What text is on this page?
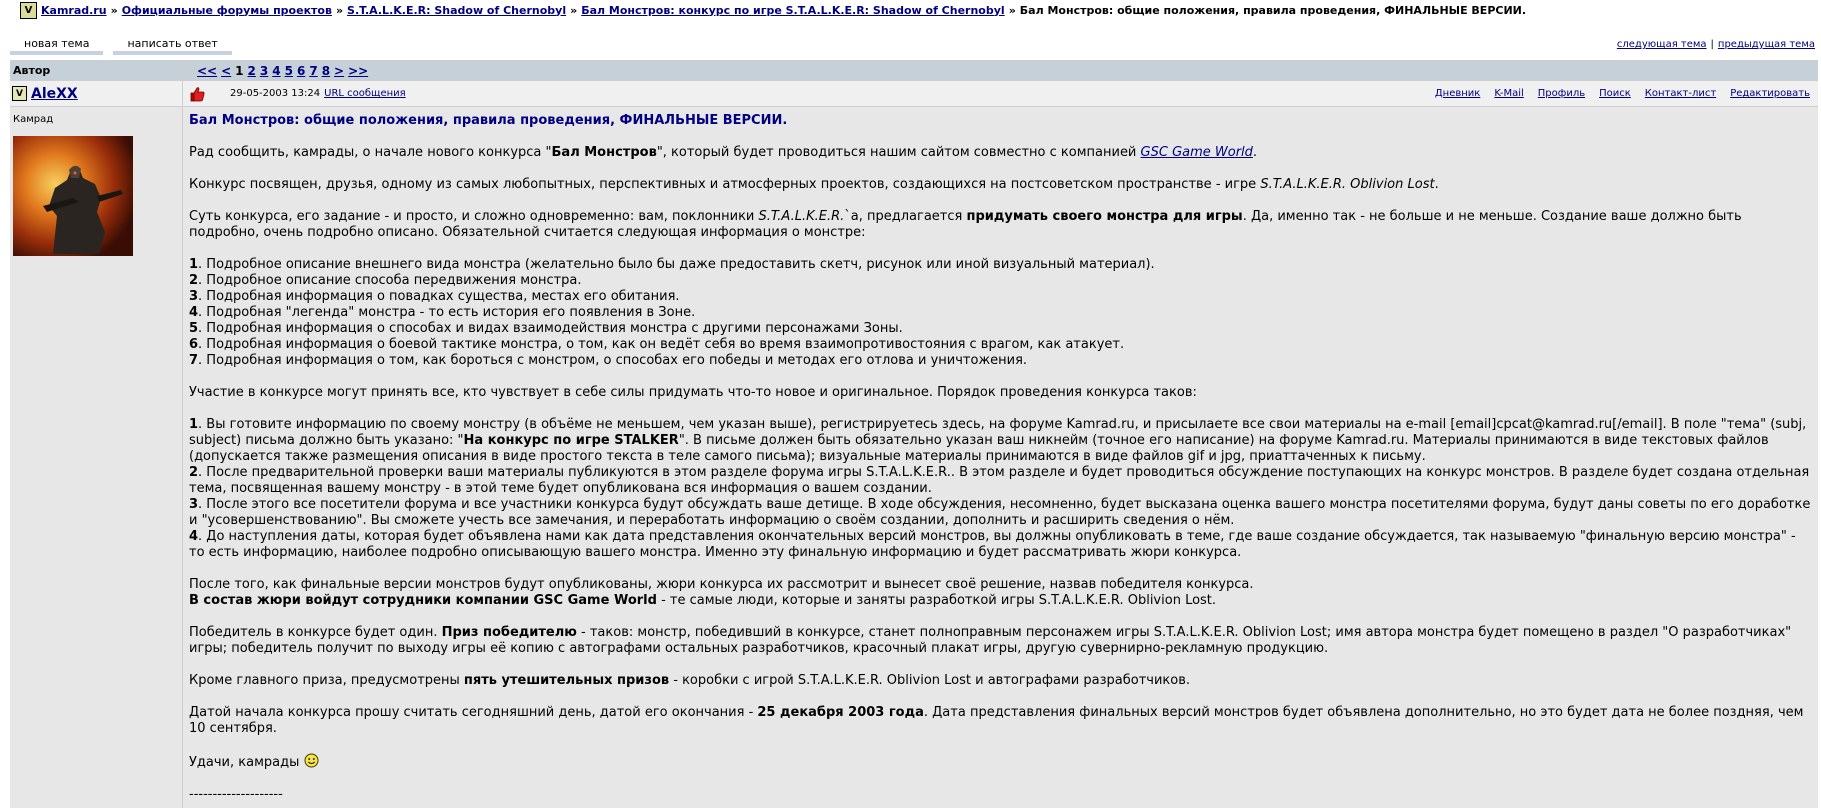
V Kamrad.ru » Официальные форумы проектов » S.T.A.L.K.E.R: Shadow of Chernobyl » Бал Монстров: конкурс по игре S.T.A.L.K.E.R: Shadow of Chernobyl » Бал Монстров: общие положения, правила проведения, ФИНАЛЬНЫЕ ВЕРСИИ.
новая тема	написать ответ	следующая тема | предыдущая тема
Автор	<< < 1 2 3 4 5 6 7 8 > >>
V AleXX	29-05-2003 13:24 URL сообщения	Дневник K-Mail Профиль Поиск Контакт-лист Редактировать
Камрад	Бал Монстров: общие положения, правила проведения, ФИНАЛЬНЫЕ ВЕРСИИ.

Рад сообщить, камрады, о начале нового конкурса "Бал Монстров", который будет проводиться нашим сайтом совместно с компанией GSC Game World.

Конкурс посвящен, друзья, одному из самых любопытных, перспективных и атмосферных проектов, создающихся на постсоветском пространстве - игре S.T.A.L.K.E.R. Oblivion Lost.

Суть конкурса, его задание - и просто, и сложно одновременно: вам, поклонники S.T.A.L.K.E.R.`а, предлагается придумать своего монстра для игры. Да, именно так - не больше и не меньше. Создание ваше должно быть подробно, очень подробно описано. Обязательной считается следующая информация о монстре:

1. Подробное описание внешнего вида монстра (желательно было бы даже предоставить скетч, рисунок или иной визуальный материал).
2. Подробное описание способа передвижения монстра.
3. Подробная информация о повадках существа, местах его обитания.
4. Подробная "легенда" монстра - то есть история его появления в Зоне.
5. Подробная информация о способах и видах взаимодействия монстра с другими персонажами Зоны.
6. Подробная информация о боевой тактике монстра, о том, как он ведёт себя во время взаимопротивостояния с врагом, как атакует.
7. Подробная информация о том, как бороться с монстром, о способах его победы и методах его отлова и уничтожения.

Участие в конкурсе могут принять все, кто чувствует в себе силы придумать что-то новое и оригинальное. Порядок проведения конкурса таков:

1. Вы готовите информацию по своему монстру (в объёме не меньшем, чем указан выше), регистрируетесь здесь, на форуме Kamrad.ru, и присылаете все свои материалы на e-mail [email]cpcat@kamrad.ru[/email]. В поле "тема" (subj, subject) письма должно быть указано: "На конкурс по игре STALKER". В письме должен быть обязательно указан ваш никнейм (точное его написание) на форуме Kamrad.ru. Материалы принимаются в виде текстовых файлов (допускается также размещения описания в виде простого текста в теле самого письма); визуальные материалы принимаются в виде файлов gif и jpg, приаттаченных к письму.
2. После предварительной проверки ваши материалы публикуются в этом разделе форума игры S.T.A.L.K.E.R.. В этом разделе и будет проводиться обсуждение поступающих на конкурс монстров. В разделе будет создана отдельная тема, посвященная вашему монстру - в этой теме будет опубликована вся информация о вашем создании.
3. После этого все посетители форума и все участники конкурса будут обсуждать ваше детище. В ходе обсуждения, несомненно, будет высказана оценка вашего монстра посетителями форума, будут даны советы по его доработке и "усовершенствованию". Вы сможете учесть все замечания, и переработать информацию о своём создании, дополнить и расширить сведения о нём.
4. До наступления даты, которая будет объявлена нами как дата представления окончательных версий монстров, вы должны опубликовать в теме, где ваше создание обсуждается, так называемую "финальную версию монстра" - то есть информацию, наиболее подробно описывающую вашего монстра. Именно эту финальную информацию и будет рассматривать жюри конкурса.

После того, как финальные версии монстров будут опубликованы, жюри конкурса их рассмотрит и вынесет своё решение, назвав победителя конкурса.
В состав жюри войдут сотрудники компании GSC Game World - те самые люди, которые и заняты разработкой игры S.T.A.L.K.E.R. Oblivion Lost.

Победитель в конкурсе будет один. Приз победителю - таков: монстр, победивший в конкурсе, станет полноправным персонажем игры S.T.A.L.K.E.R. Oblivion Lost; имя автора монстра будет помещено в раздел "О разработчиках" игры; победитель получит по выходу игры её копию с автографами остальных разработчиков, красочный плакат игры, другую сувернирно-рекламную продукцию.

Кроме главного приза, предусмотрены пять утешительных призов - коробки с игрой S.T.A.L.K.E.R. Oblivion Lost и автографами разработчиков.

Датой начала конкурса прошу считать сегодняшний день, датой его окончания - 25 декабря 2003 года. Дата представления финальных версий монстров будет объявлена дополнительно, но это будет дата не более поздняя, чем 10 сентября.

Удачи, камрады

--------------------
